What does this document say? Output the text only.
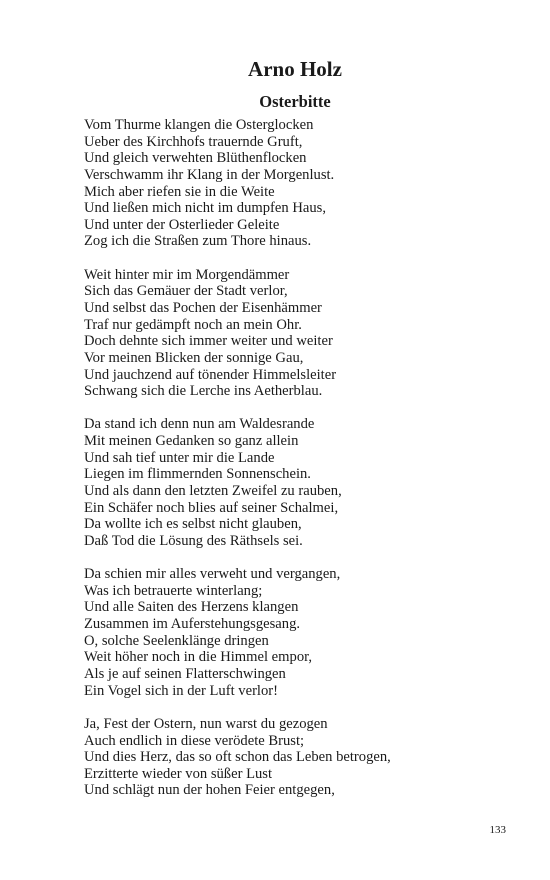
Arno Holz
Osterbitte
Vom Thurme klangen die Osterglocken
Ueber des Kirchhofs trauernde Gruft,
Und gleich verwehten Blüthenflocken
Verschwamm ihr Klang in der Morgenlust.
Mich aber riefen sie in die Weite
Und ließen mich nicht im dumpfen Haus,
Und unter der Osterlieder Geleite
Zog ich die Straßen zum Thore hinaus.
Weit hinter mir im Morgendämmer
Sich das Gemäuer der Stadt verlor,
Und selbst das Pochen der Eisenhämmer
Traf nur gedämpft noch an mein Ohr.
Doch dehnte sich immer weiter und weiter
Vor meinen Blicken der sonnige Gau,
Und jauchzend auf tönender Himmelsleiter
Schwang sich die Lerche ins Aetherblau.
Da stand ich denn nun am Waldesrande
Mit meinen Gedanken so ganz allein
Und sah tief unter mir die Lande
Liegen im flimmernden Sonnenschein.
Und als dann den letzten Zweifel zu rauben,
Ein Schäfer noch blies auf seiner Schalmei,
Da wollte ich es selbst nicht glauben,
Daß Tod die Lösung des Räthsels sei.
Da schien mir alles verweht und vergangen,
Was ich betrauerte winterlang;
Und alle Saiten des Herzens klangen
Zusammen im Auferstehungsgesang.
O, solche Seelenklänge dringen
Weit höher noch in die Himmel empor,
Als je auf seinen Flatterschwingen
Ein Vogel sich in der Luft verlor!
Ja, Fest der Ostern, nun warst du gezogen
Auch endlich in diese verödete Brust;
Und dies Herz, das so oft schon das Leben betrogen,
Erzitterte wieder von süßer Lust
Und schlägt nun der hohen Feier entgegen,
133
